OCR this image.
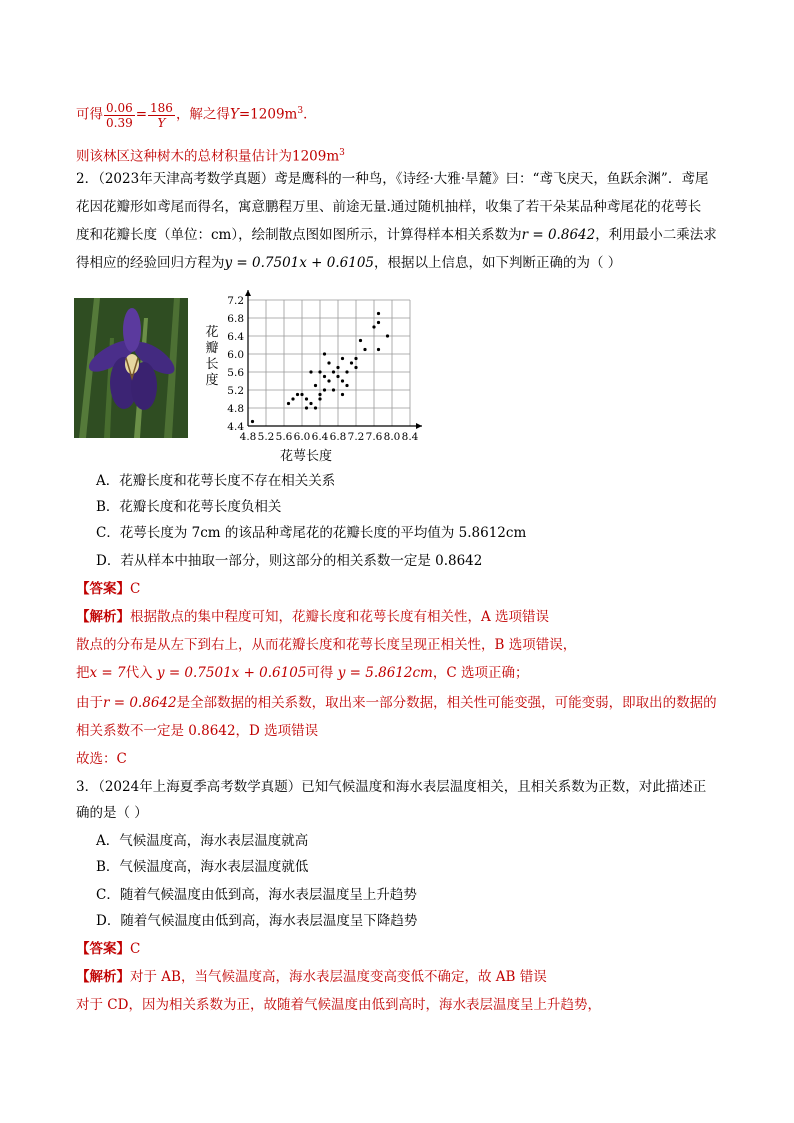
可得 $\frac{0.06}{0.39} = \frac{186}{Y}$ ，解之得$Y=1209m^3$．
则该林区这种树木的总材积量估计为$1209m^3$
2．（2023年天津高考数学真题）鸢是鹰科的一种鸟，《诗经·大雅·旱麓》曰：“鸢飞戾天，鱼跃余渊”．鸢尾
花因花瓣形如鸢尾而得名，寓意鹏程万里、前途无量.通过随机抽样，收集了若干朵某品种鸢尾花的花萼长
度和花瓣长度（单位：cm），绘制散点图如图所示，计算得样本相关系数为r = 0.8642，利用最小二乘法求
得相应的经验回归方程为y = 0.7501x + 0.6105，根据以上信息，如下判断正确的为（ ）
4.8 5.2 5.6 6.0 6.4 6.8 7.2 7.6 8.0 8.4
4.4
4.8
5.2
5.6
6.0
6.4
6.8
7.2
花
瓣
长
度
花萼长度
A．花瓣长度和花萼长度不存在相关关系
B．花瓣长度和花萼长度负相关
C．花萼长度为 7cm 的该品种鸢尾花的花瓣长度的平均值为 5.8612cm
D．若从样本中抽取一部分，则这部分的相关系数一定是 0.8642
【答案】C
【解析】根据散点的集中程度可知，花瓣长度和花萼长度有相关性，A 选项错误
散点的分布是从左下到右上，从而花瓣长度和花萼长度呈现正相关性，B 选项错误，
把x = 7代入 y = 0.7501x + 0.6105可得 y = 5.8612cm，C 选项正确；
由于r = 0.8642是全部数据的相关系数，取出来一部分数据，相关性可能变强，可能变弱，即取出的数据的
相关系数不一定是 0.8642，D 选项错误
故选：C
3．（2024年上海夏季高考数学真题）已知气候温度和海水表层温度相关，且相关系数为正数，对此描述正
确的是（ ）
A．气候温度高，海水表层温度就高
B．气候温度高，海水表层温度就低
C．随着气候温度由低到高，海水表层温度呈上升趋势
D．随着气候温度由低到高，海水表层温度呈下降趋势
【答案】C
【解析】对于 AB，当气候温度高，海水表层温度变高变低不确定，故 AB 错误
对于 CD，因为相关系数为正，故随着气候温度由低到高时，海水表层温度呈上升趋势，
